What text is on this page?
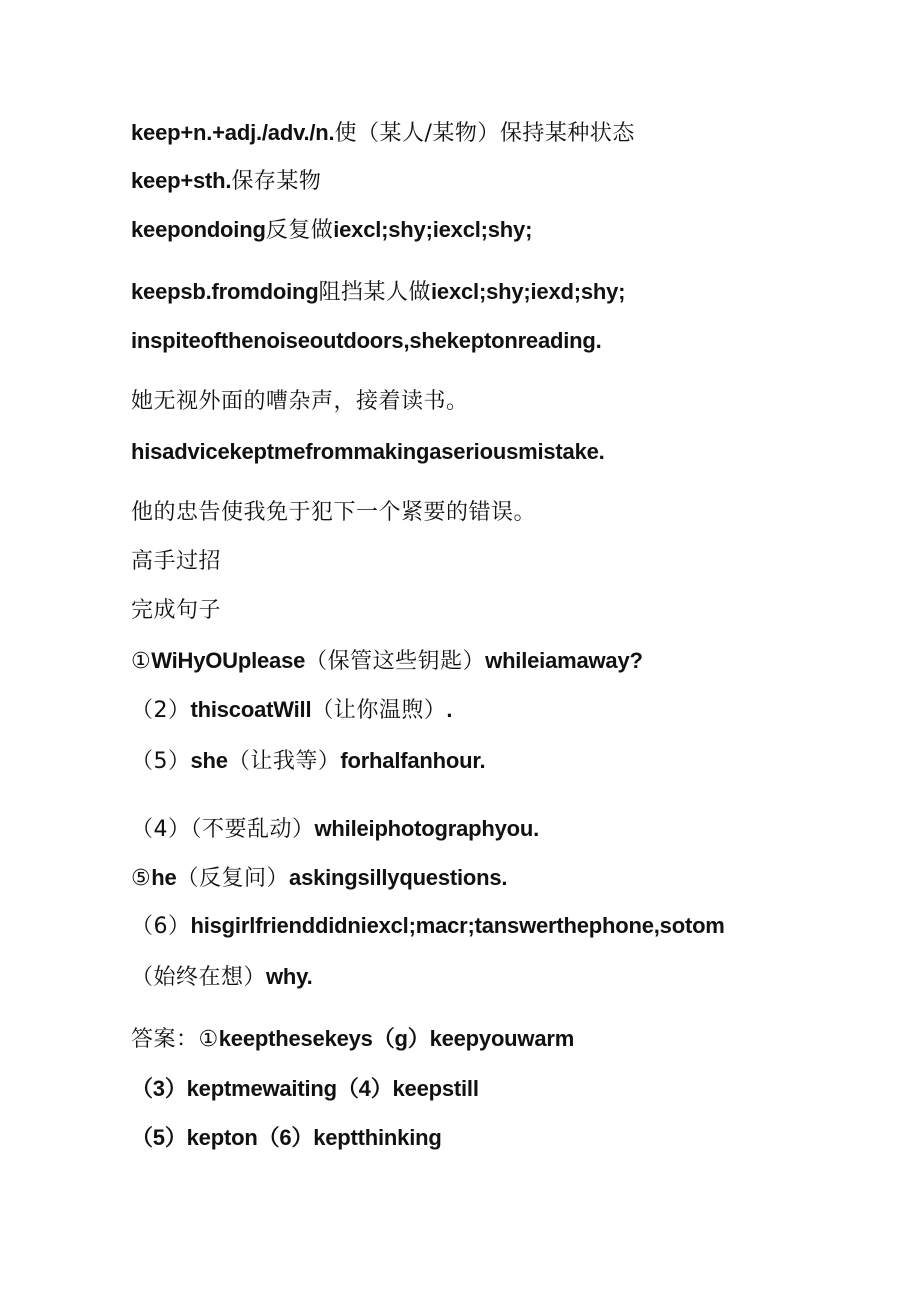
keep+n.+adj./adv./n.使（某人/某物）保持某种状态
keep+sth.保存某物
keepondoing反复做iexcl;shy;iexcl;shy;
keepsb.fromdoing阻挡某人做iexcl;shy;iexd;shy;
inspiteofthenoiseoutdoors,shekeptonreading.
她无视外面的嘈杂声，接着读书。
hisadvicekeptmefrommakingaseriousmistake.
他的忠告使我免于犯下一个紧要的错误。
高手过招
完成句子
①WiHyOUplease（保管这些钥匙）whileiamaway?
（2）thiscoatWill（让你温煦）.
（5）she（让我等）forhalfanhour.
（4）（不要乱动）whileiphotographyou.
⑤he（反复问）askingsillyquestions.
（6）hisgirlfrienddidniexcl;macr;tanswerthephone,sotom
（始终在想）why.
答案：①keepthesekeys（g）keepyouwarm
（3）keptmewaiting（4）keepstill
（5）kepton（6）keptthinking
